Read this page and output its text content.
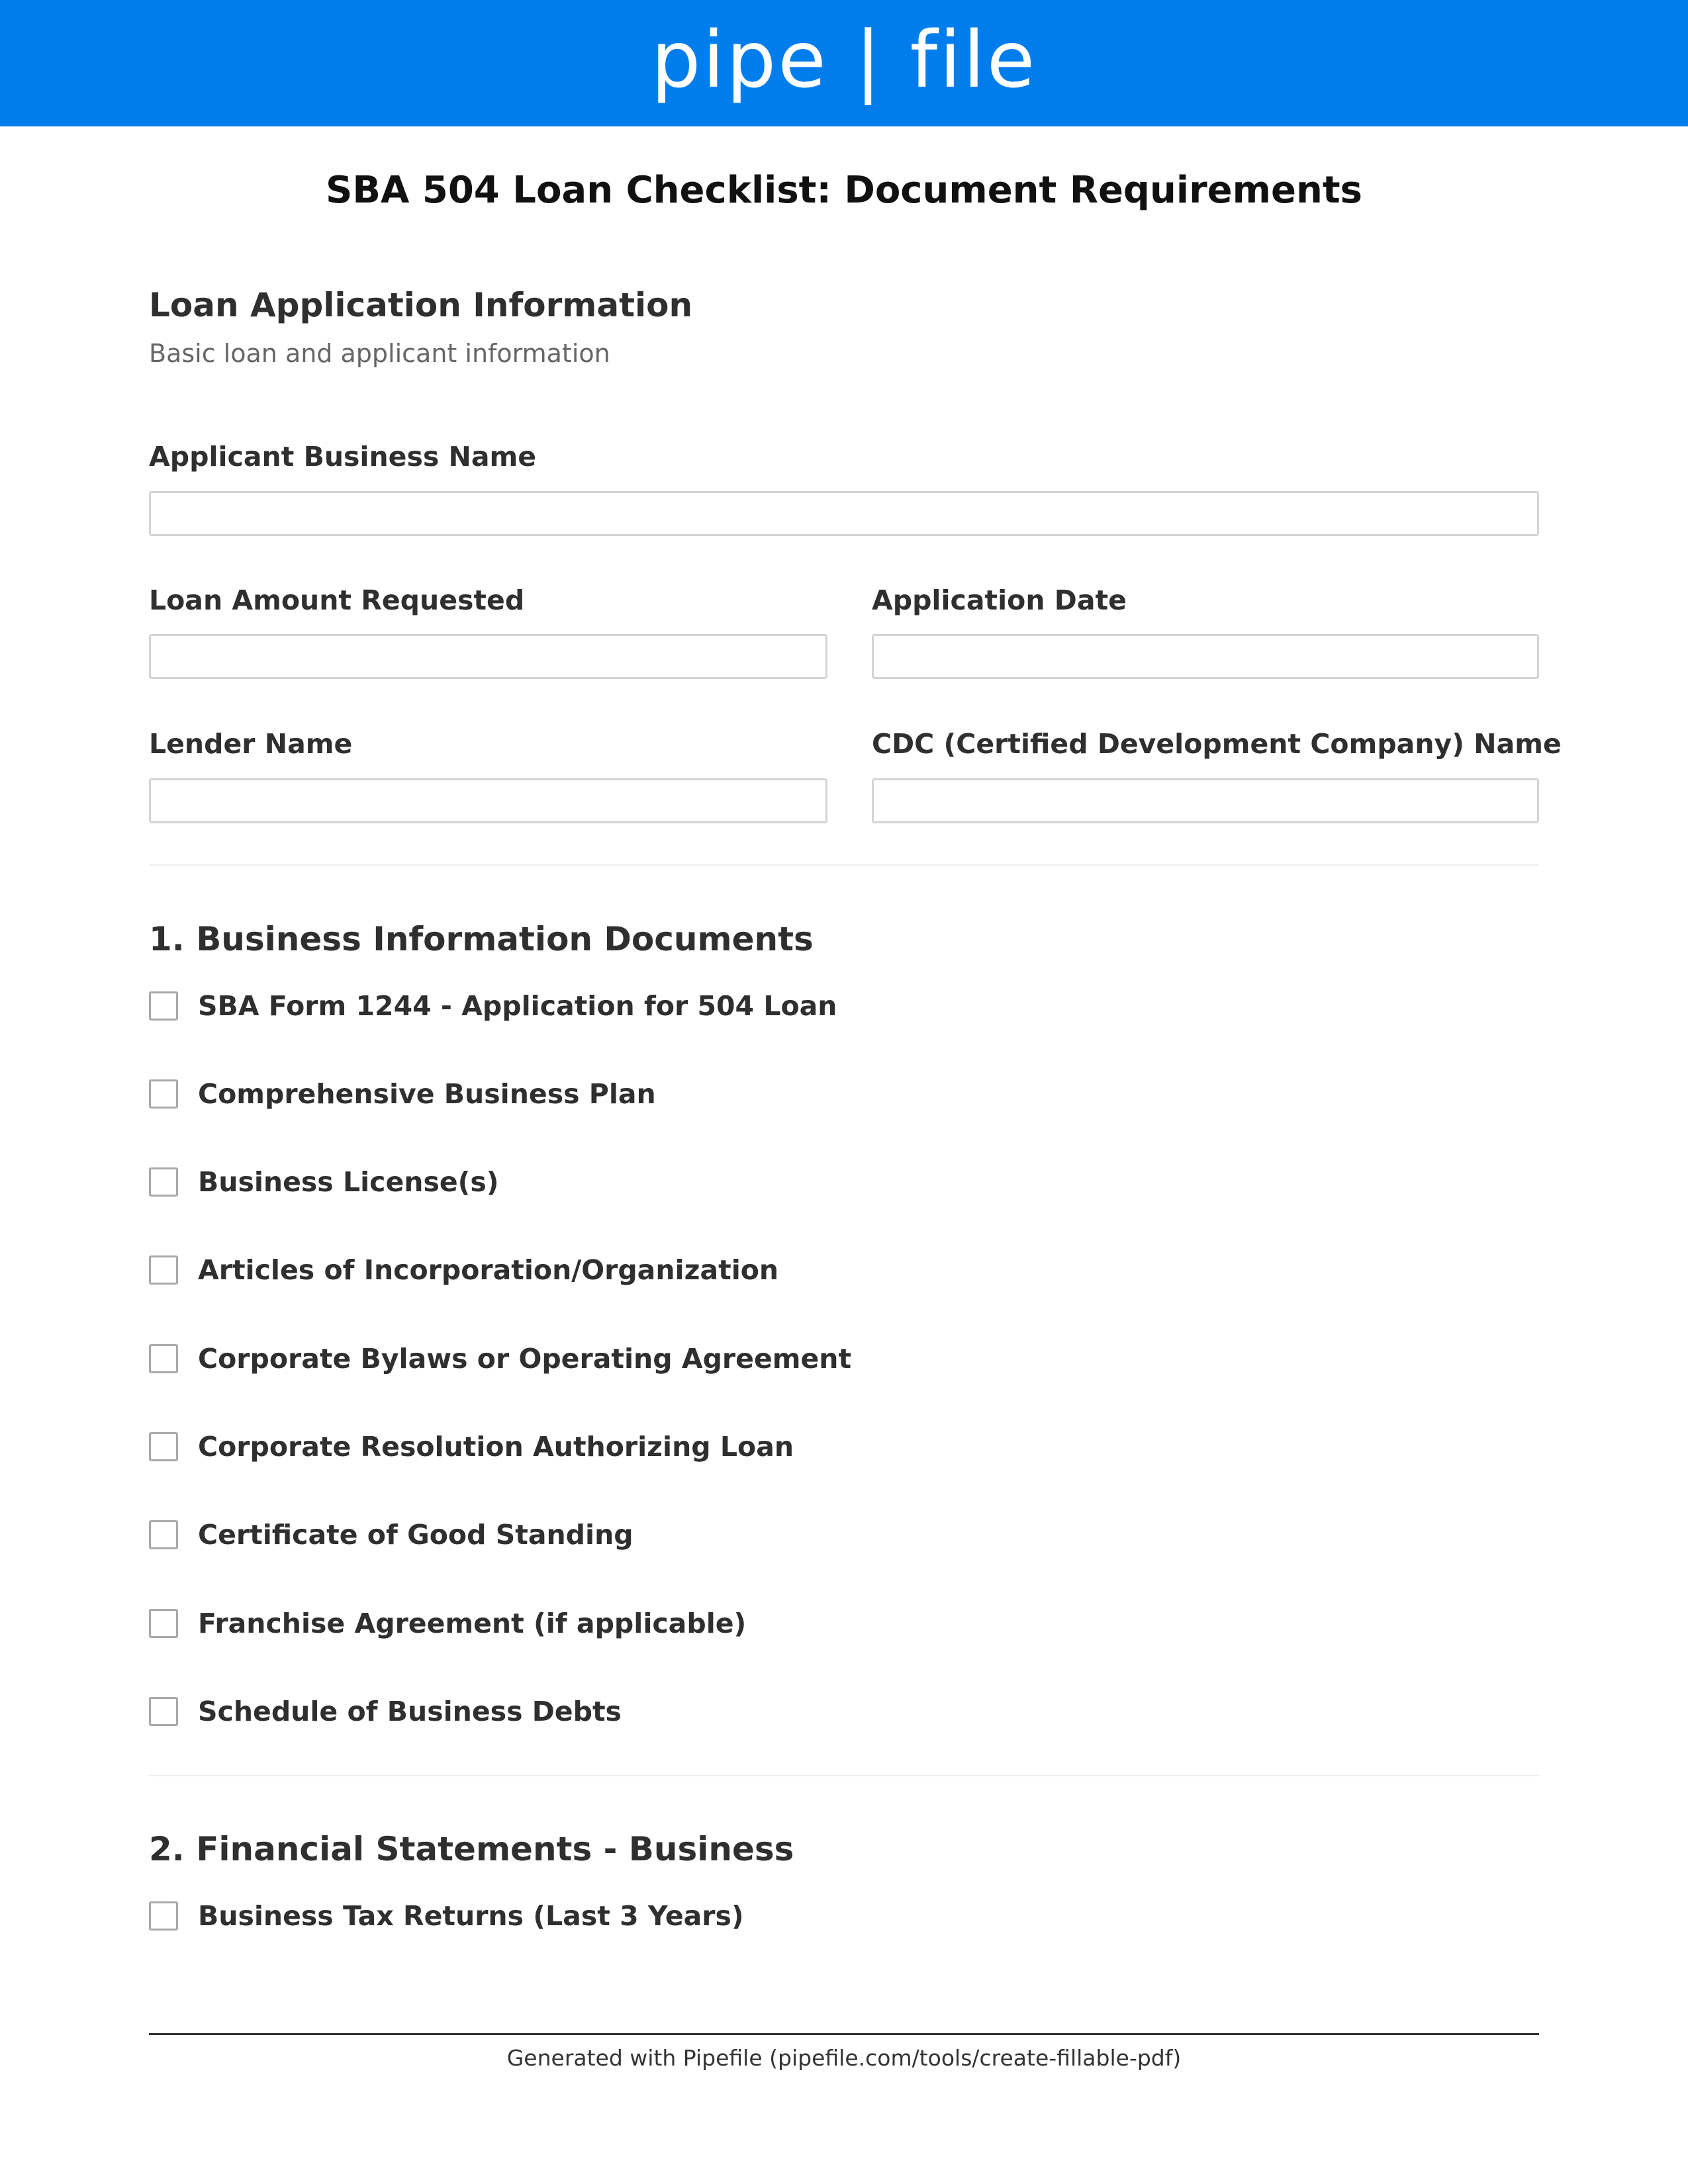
pipe | file
SBA 504 Loan Checklist: Document Requirements
Loan Application Information
Basic loan and applicant information
Applicant Business Name
Loan Amount Requested	Application Date
Lender Name	CDC (Certified Development Company) Name
1. Business Information Documents
SBA Form 1244 - Application for 504 Loan
Comprehensive Business Plan
Business License(s)
Articles of Incorporation/Organization
Corporate Bylaws or Operating Agreement
Corporate Resolution Authorizing Loan
Certificate of Good Standing
Franchise Agreement (if applicable)
Schedule of Business Debts
2. Financial Statements - Business
Business Tax Returns (Last 3 Years)
Generated with Pipefile (pipefile.com/tools/create-fillable-pdf)
